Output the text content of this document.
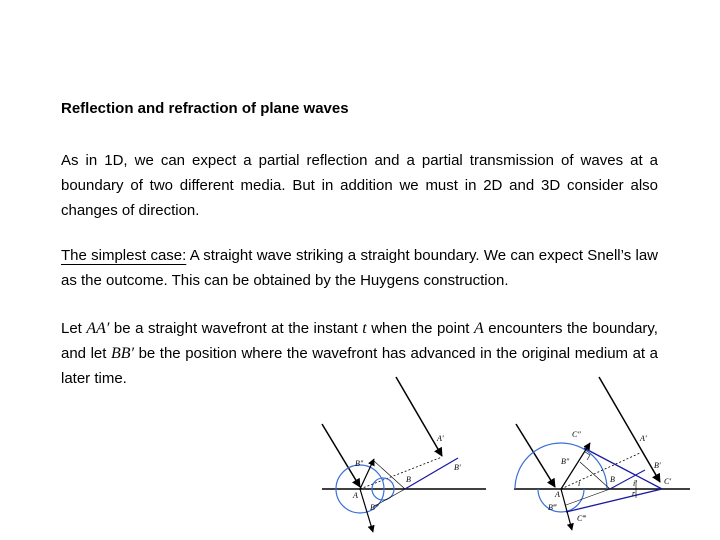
Reflection and refraction of plane waves
As in 1D, we can expect a partial reflection and a partial transmission of waves at a boundary of two different media. But in addition we must in 2D and 3D consider also changes of direction.
The simplest case: A straight wave striking a straight boundary. We can expect Snell’s law as the outcome. This can be obtained by the Huygens construction.
Let AA′ be a straight wavefront at the instant t when the point A encounters the boundary, and let BB′ be the position where the wavefront has advanced in the original medium at a later time.
A′
B′
B″
B
A
B‴
C″	A′
B″	B′
i	B i′	C′
A	r
B‴
C‴
